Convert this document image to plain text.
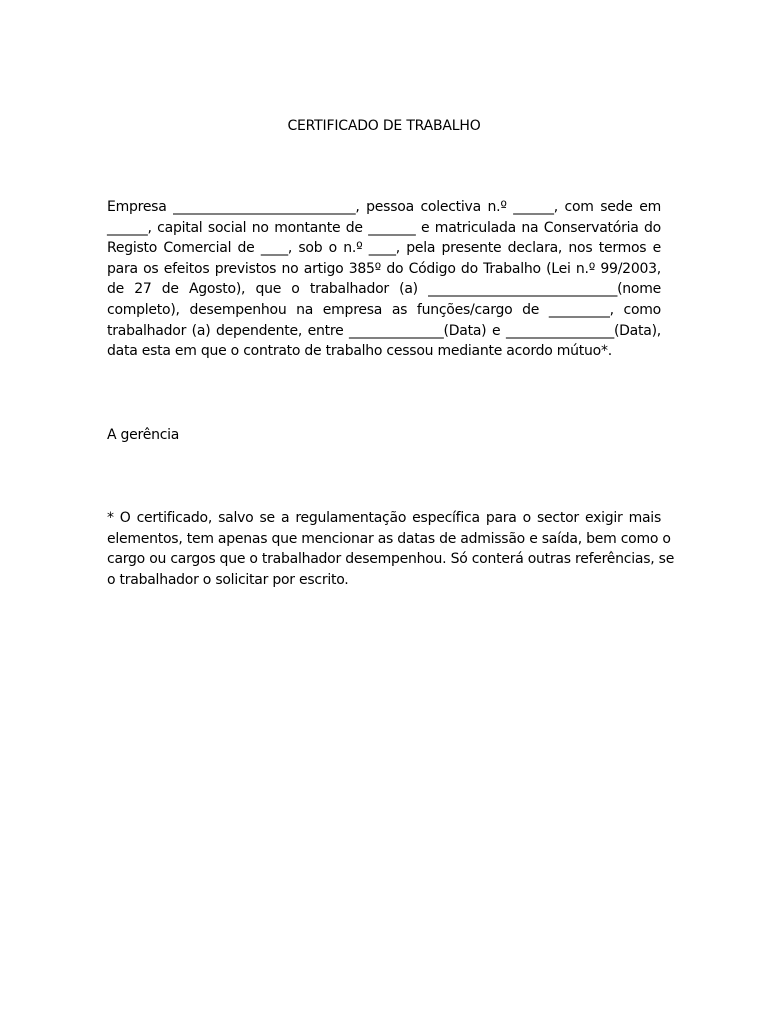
CERTIFICADO DE TRABALHO
Empresa ___________________________, pessoa colectiva n.º ______, com sede em
______, capital social no montante de _______ e matriculada na Conservatória do
Registo Comercial de ____, sob o n.º ____, pela presente declara, nos termos e
para os efeitos previstos no artigo 385º do Código do Trabalho (Lei n.º 99/2003,
de 27 de Agosto), que o trabalhador (a) ____________________________(nome
completo), desempenhou na empresa as funções/cargo de _________, como
trabalhador (a) dependente, entre ______________(Data) e ________________(Data),
data esta em que o contrato de trabalho cessou mediante acordo mútuo*.
A gerência
* O certificado, salvo se a regulamentação específica para o sector exigir mais
elementos, tem apenas que mencionar as datas de admissão e saída, bem como o
cargo ou cargos que o trabalhador desempenhou. Só conterá outras referências, se
o trabalhador o solicitar por escrito.
